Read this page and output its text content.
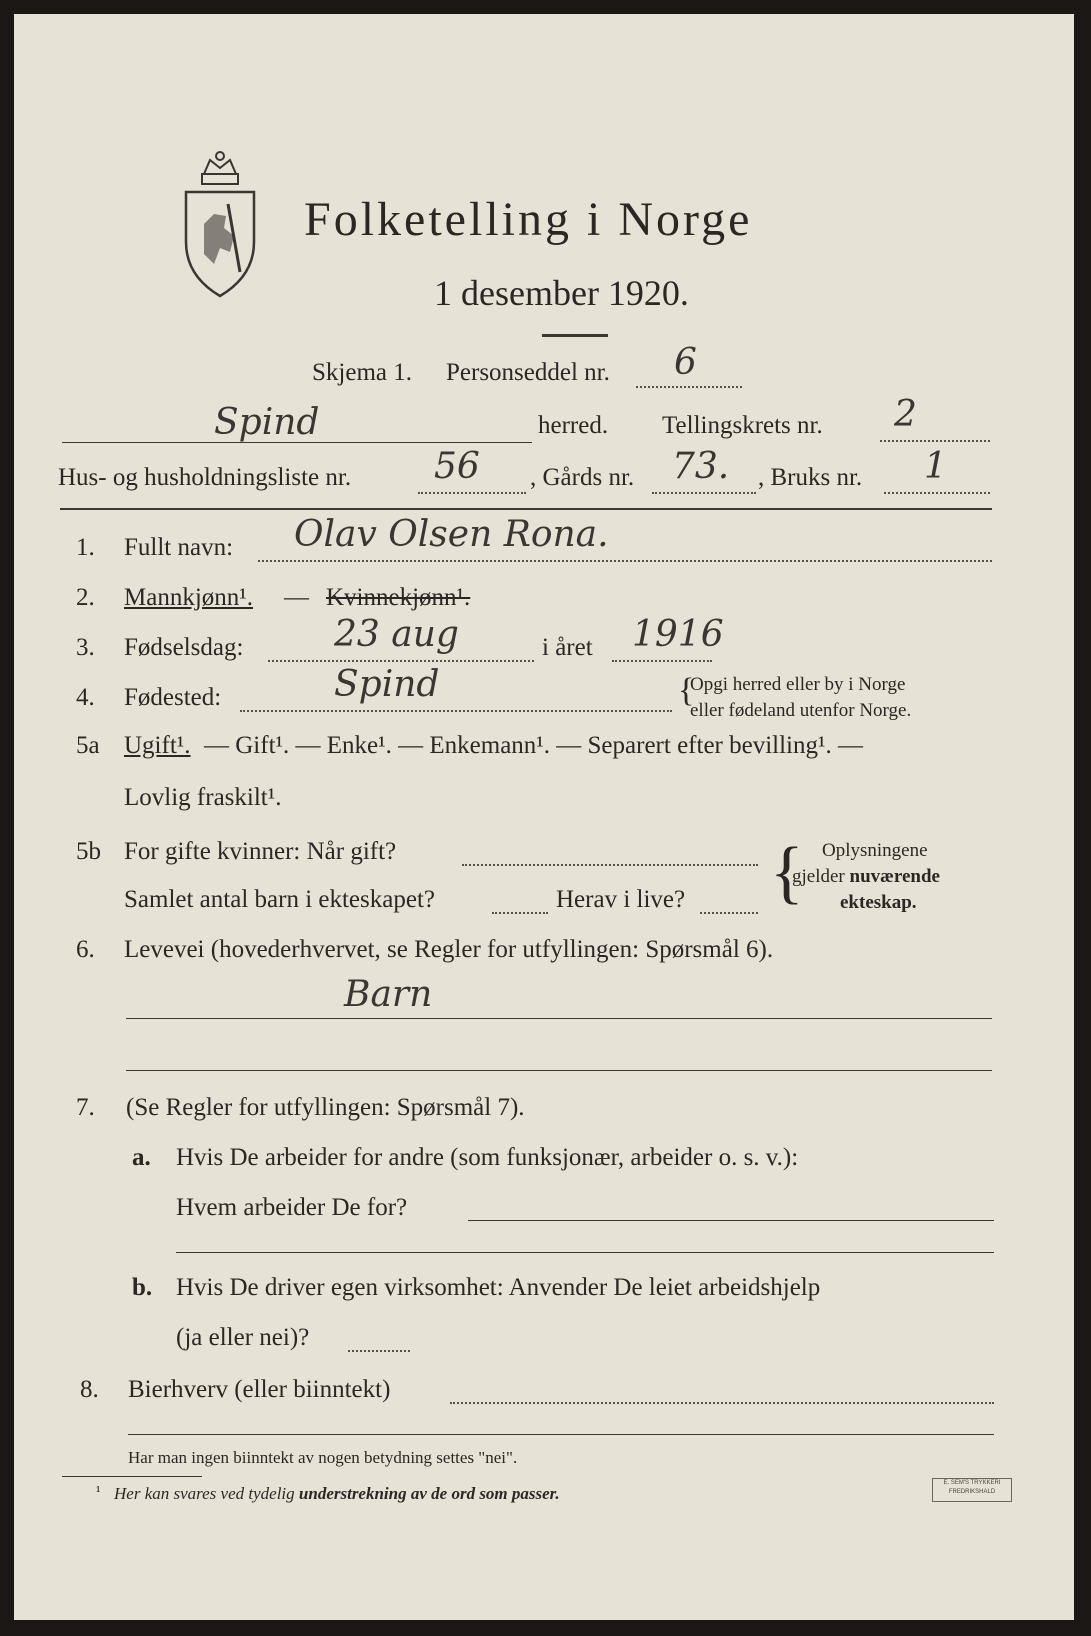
Folketelling i Norge
1 desember 1920.
Skjema 1. Personseddel nr. 6
Spind	herred. Tellingskrets nr. 2
Hus- og husholdningsliste nr. 56 , Gårds nr. 73. , Bruks nr. 1
1. Fullt navn: Olav Olsen Rona.
2. Mannkjønn¹. — Kvinnekjønn¹.
3. Fødselsdag:	23 aug	i året 1916
4. Fødested:	Spind	{
Opgi herred eller by i Norge
eller fødeland utenfor Norge.
5a Ugift¹. — Gift¹. — Enke¹. — Enkemann¹. — Separert efter bevilling¹. —
Lovlig fraskilt¹.
5b For gifte kvinner: Når gift?
Samlet antal barn i ekteskapet?	Herav i live? { Oplysningene
gjelder nuværende
ekteskap.
6. Levevei (hovederhvervet, se Regler for utfyllingen: Spørsmål 6).
Barn
7. (Se Regler for utfyllingen: Spørsmål 7).
a. Hvis De arbeider for andre (som funksjonær, arbeider o. s. v.):
Hvem arbeider De for?
b. Hvis De driver egen virksomhet: Anvender De leiet arbeidshjelp
(ja eller nei)?
8. Bierhverv (eller biinntekt)
Har man ingen biinntekt av nogen betydning settes "nei".
¹ Her kan svares ved tydelig understrekning av de ord som passer.
E. SEM'S TRYKKERI FREDRIKSHALD
